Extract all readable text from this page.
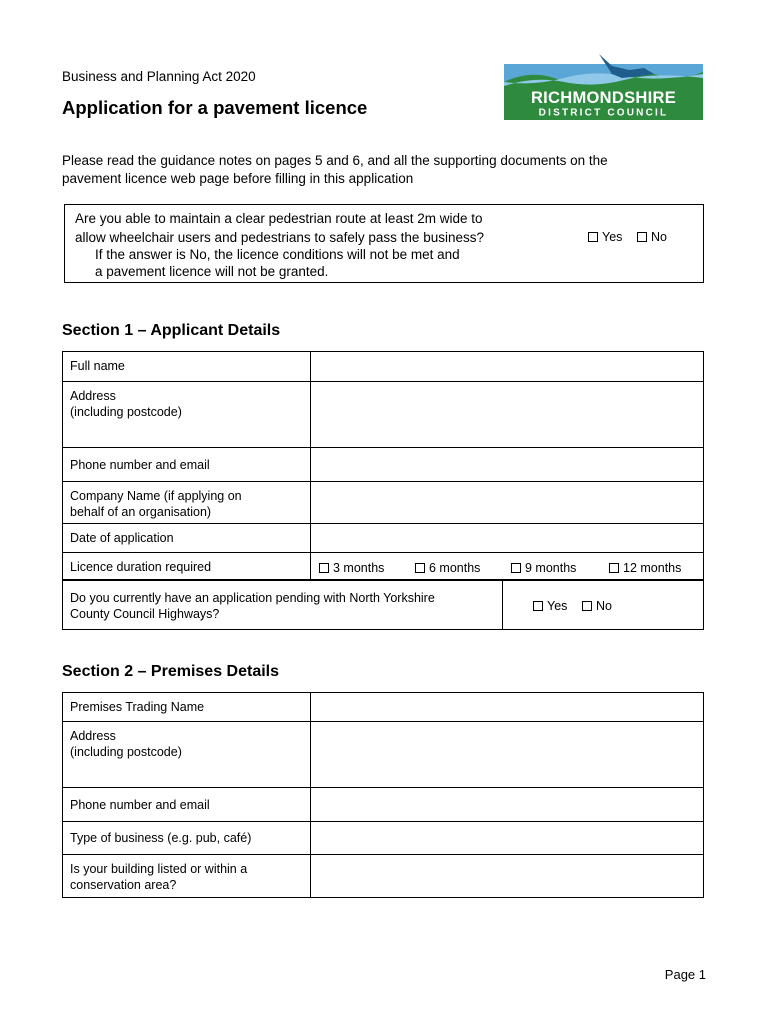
Business and Planning Act 2020
Application for a pavement licence	RICHMONDSHIRE
DISTRICT COUNCIL
Please read the guidance notes on pages 5 and 6, and all the supporting documents on the
pavement licence web page before filling in this application
Are you able to maintain a clear pedestrian route at least 2m wide to
allow wheelchair users and pedestrians to safely pass the business?
If the answer is No, the licence conditions will not be met and
a pavement licence will not be granted.
Yes No
Section 1 – Applicant Details
Full name	

Address
(including postcode)	

Phone number and email	

Company Name (if applying on
behalf of an organisation)	

Date of application	
Licence duration required	3 months 6 months 9 months 12 months
Do you currently have an application pending with North Yorkshire
County Council Highways?

Yes No
Section 2 – Premises Details
Premises Trading Name	

Address
(including postcode)	

Phone number and email	
Type of business (e.g. pub, café)	

Is your building listed or within a
conservation area?	

Page 1
